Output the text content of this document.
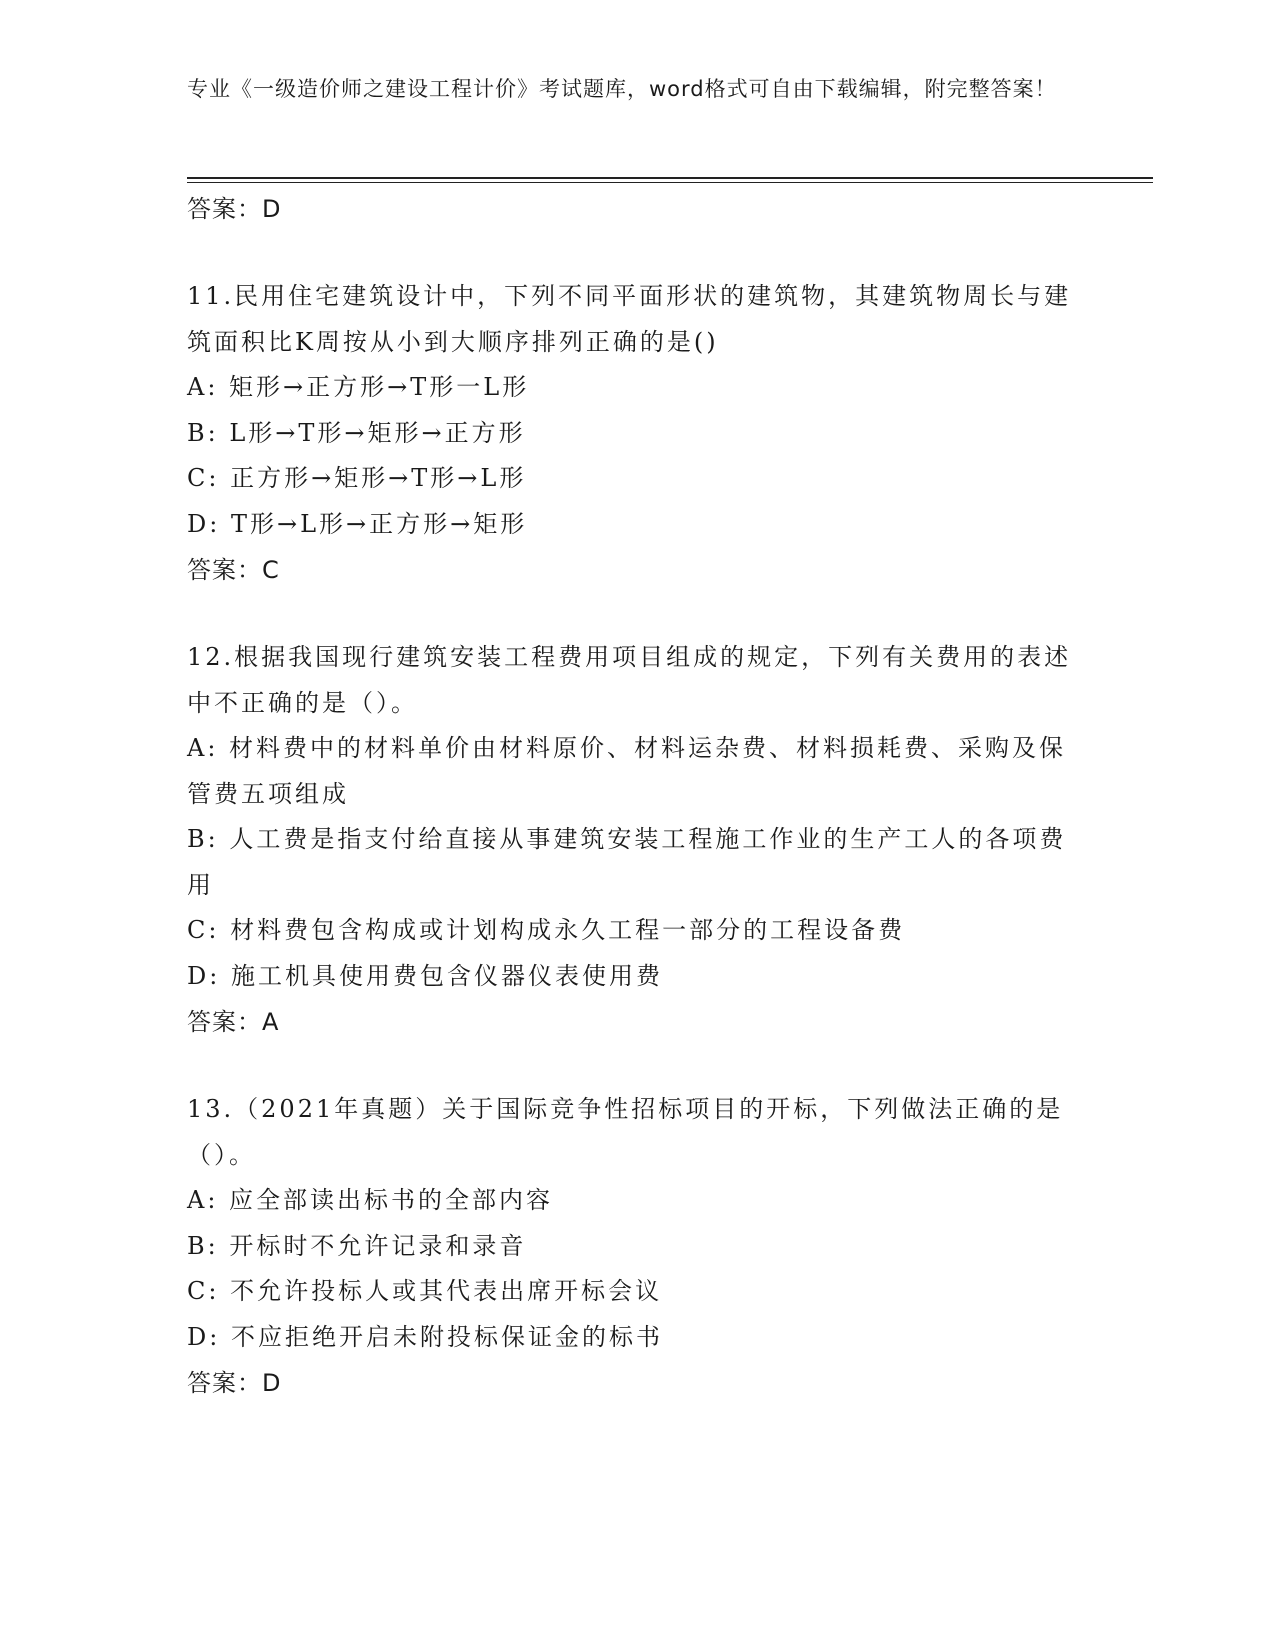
专业《一级造价师之建设工程计价》考试题库，word格式可自由下载编辑，附完整答案！

答案：D

11.民用住宅建筑设计中，下列不同平面形状的建筑物，其建筑物周长与建筑面积比K周按从小到大顺序排列正确的是()

A: 矩形→正方形→T形一L形

B: L形→T形→矩形→正方形

C: 正方形→矩形→T形→L形

D: T形→L形→正方形→矩形

答案：C

12.根据我国现行建筑安装工程费用项目组成的规定，下列有关费用的表述中不正确的是（）。

A: 材料费中的材料单价由材料原价、材料运杂费、材料损耗费、采购及保管费五项组成

B: 人工费是指支付给直接从事建筑安装工程施工作业的生产工人的各项费用

C: 材料费包含构成或计划构成永久工程一部分的工程设备费

D: 施工机具使用费包含仪器仪表使用费

答案：A

13.（2021年真题）关于国际竞争性招标项目的开标，下列做法正确的是（）。

A: 应全部读出标书的全部内容

B: 开标时不允许记录和录音

C: 不允许投标人或其代表出席开标会议

D: 不应拒绝开启未附投标保证金的标书

答案：D
